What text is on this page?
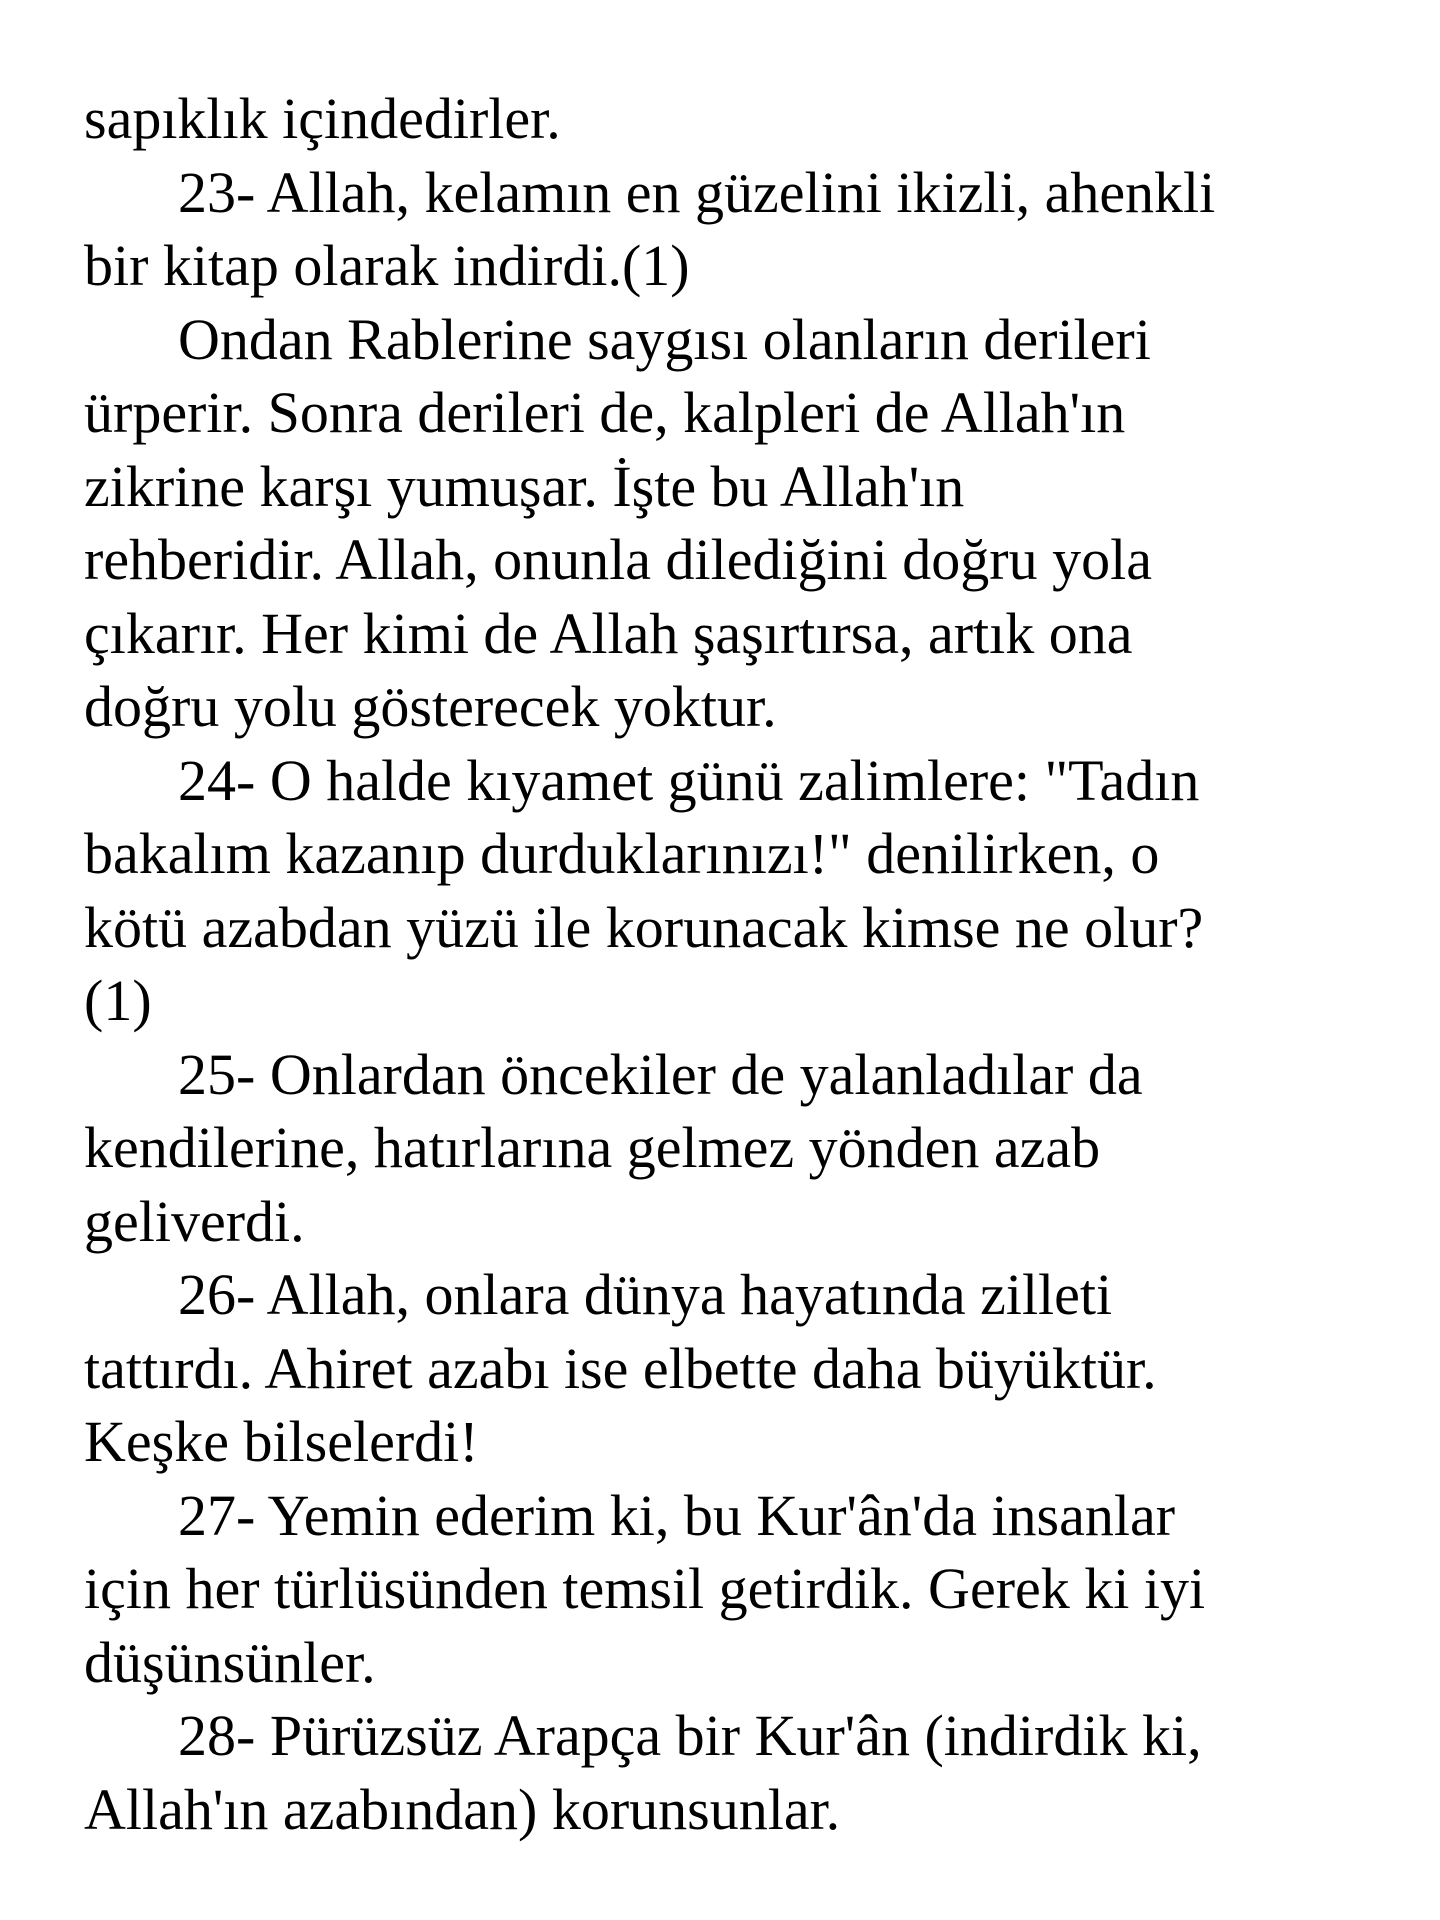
sapıklık içindedirler.
23- Allah, kelamın en güzelini ikizli, ahenkli
bir kitap olarak indirdi.(1)
Ondan Rablerine saygısı olanların derileri
ürperir. Sonra derileri de, kalpleri de Allah'ın
zikrine karşı yumuşar. İşte bu Allah'ın
rehberidir. Allah, onunla dilediğini doğru yola
çıkarır. Her kimi de Allah şaşırtırsa, artık ona
doğru yolu gösterecek yoktur.
24- O halde kıyamet günü zalimlere: "Tadın
bakalım kazanıp durduklarınızı!" denilirken, o
kötü azabdan yüzü ile korunacak kimse ne olur?
(1)
25- Onlardan öncekiler de yalanladılar da
kendilerine, hatırlarına gelmez yönden azab
geliverdi.
26- Allah, onlara dünya hayatında zilleti
tattırdı. Ahiret azabı ise elbette daha büyüktür.
Keşke bilselerdi!
27- Yemin ederim ki, bu Kur'ân'da insanlar
için her türlüsünden temsil getirdik. Gerek ki iyi
düşünsünler.
28- Pürüzsüz Arapça bir Kur'ân (indirdik ki,
Allah'ın azabından) korunsunlar.
